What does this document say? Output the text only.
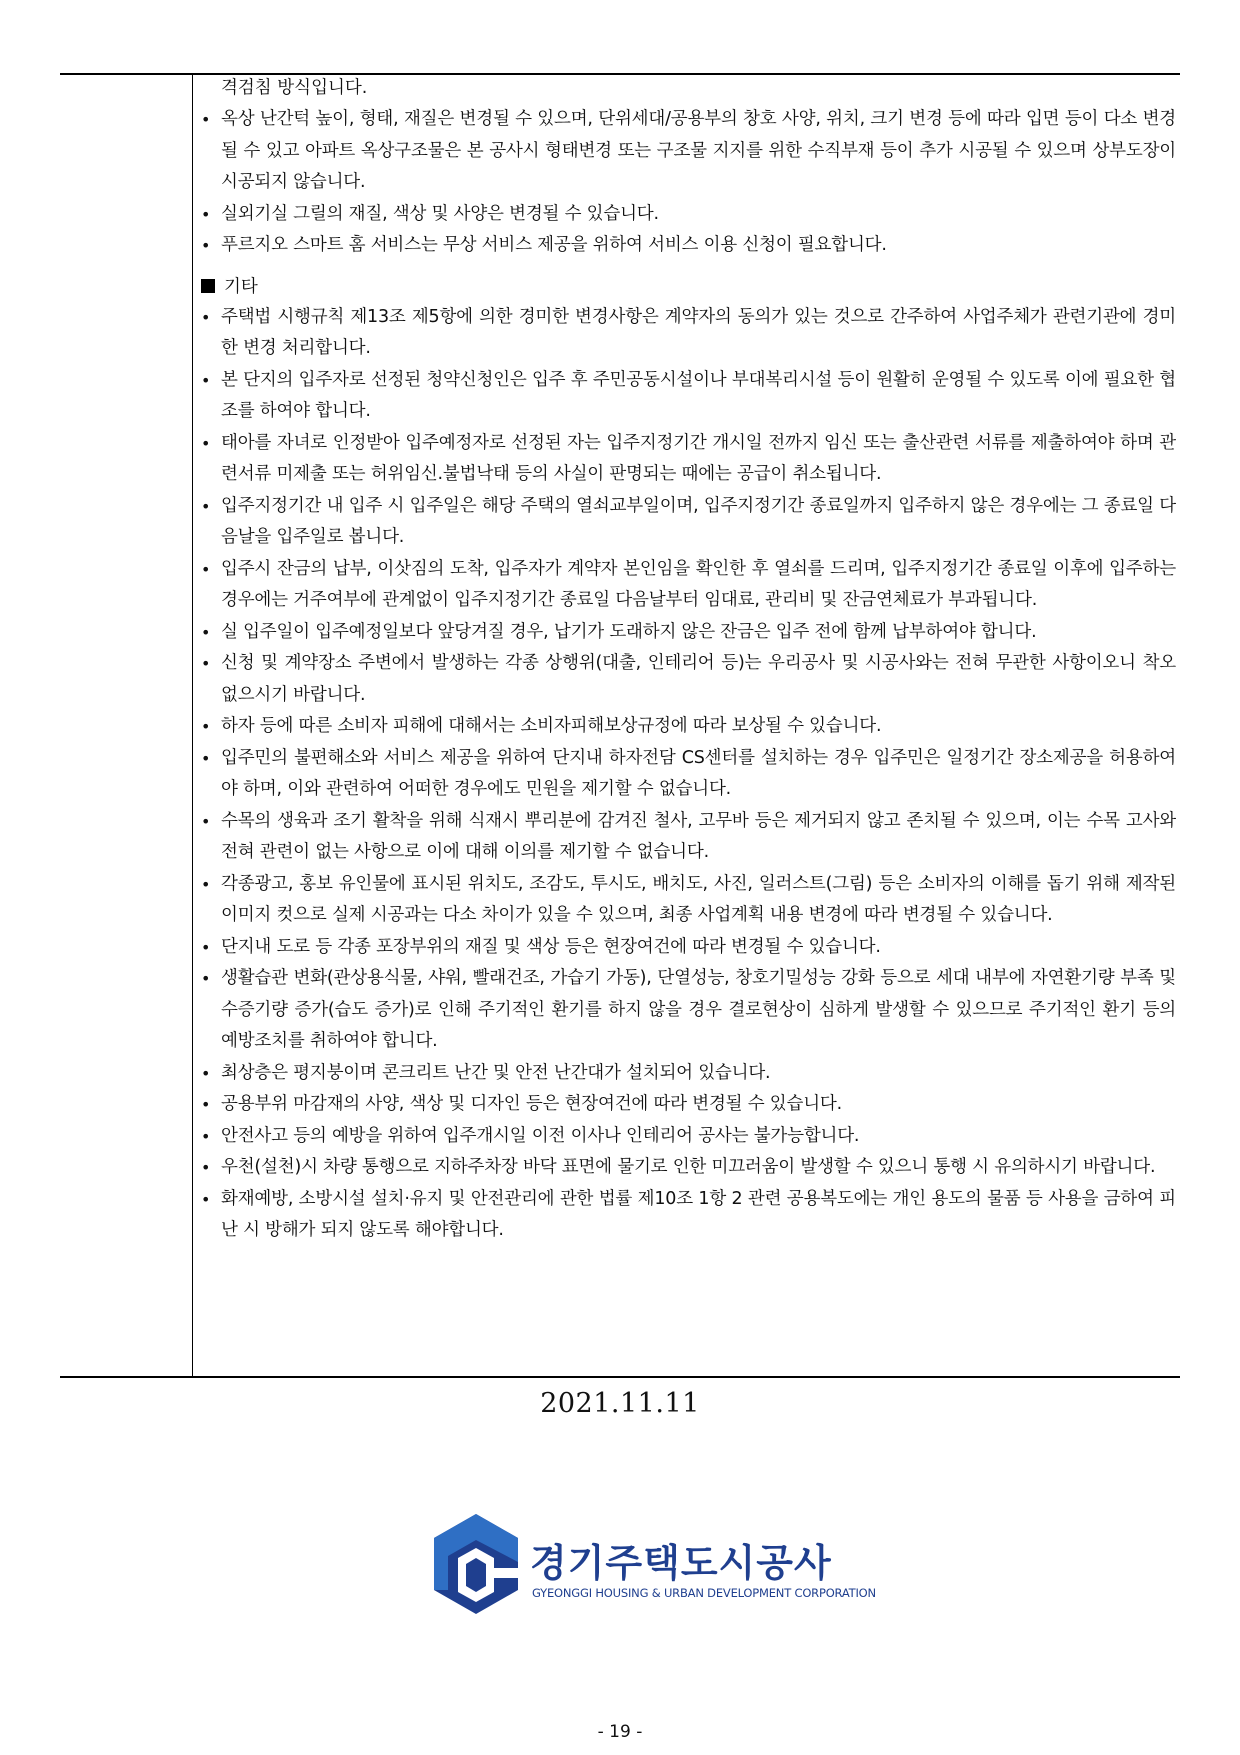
격검침 방식입니다.
• 옥상 난간턱 높이, 형태, 재질은 변경될 수 있으며, 단위세대/공용부의 창호 사양, 위치, 크기 변경 등에 따라 입면 등이 다소 변경될 수 있고 아파트 옥상구조물은 본 공사시 형태변경 또는 구조물 지지를 위한 수직부재 등이 추가 시공될 수 있으며 상부도장이 시공되지 않습니다.
• 실외기실 그릴의 재질, 색상 및 사양은 변경될 수 있습니다.
• 푸르지오 스마트 홈 서비스는 무상 서비스 제공을 위하여 서비스 이용 신청이 필요합니다.
기타
• 주택법 시행규칙 제13조 제5항에 의한 경미한 변경사항은 계약자의 동의가 있는 것으로 간주하여 사업주체가 관련기관에 경미한 변경 처리합니다.
• 본 단지의 입주자로 선정된 청약신청인은 입주 후 주민공동시설이나 부대복리시설 등이 원활히 운영될 수 있도록 이에 필요한 협조를 하여야 합니다.
• 태아를 자녀로 인정받아 입주예정자로 선정된 자는 입주지정기간 개시일 전까지 임신 또는 출산관련 서류를 제출하여야 하며 관련서류 미제출 또는 허위임신.불법낙태 등의 사실이 판명되는 때에는 공급이 취소됩니다.
• 입주지정기간 내 입주 시 입주일은 해당 주택의 열쇠교부일이며, 입주지정기간 종료일까지 입주하지 않은 경우에는 그 종료일 다음날을 입주일로 봅니다.
• 입주시 잔금의 납부, 이삿짐의 도착, 입주자가 계약자 본인임을 확인한 후 열쇠를 드리며, 입주지정기간 종료일 이후에 입주하는 경우에는 거주여부에 관계없이 입주지정기간 종료일 다음날부터 임대료, 관리비 및 잔금연체료가 부과됩니다.
• 실 입주일이 입주예정일보다 앞당겨질 경우, 납기가 도래하지 않은 잔금은 입주 전에 함께 납부하여야 합니다.
• 신청 및 계약장소 주변에서 발생하는 각종 상행위(대출, 인테리어 등)는 우리공사 및 시공사와는 전혀 무관한 사항이오니 착오 없으시기 바랍니다.
• 하자 등에 따른 소비자 피해에 대해서는 소비자피해보상규정에 따라 보상될 수 있습니다.
• 입주민의 불편해소와 서비스 제공을 위하여 단지내 하자전담 CS센터를 설치하는 경우 입주민은 일정기간 장소제공을 허용하여야 하며, 이와 관련하여 어떠한 경우에도 민원을 제기할 수 없습니다.
• 수목의 생육과 조기 활착을 위해 식재시 뿌리분에 감겨진 철사, 고무바 등은 제거되지 않고 존치될 수 있으며, 이는 수목 고사와 전혀 관련이 없는 사항으로 이에 대해 이의를 제기할 수 없습니다.
• 각종광고, 홍보 유인물에 표시된 위치도, 조감도, 투시도, 배치도, 사진, 일러스트(그림) 등은 소비자의 이해를 돕기 위해 제작된 이미지 컷으로 실제 시공과는 다소 차이가 있을 수 있으며, 최종 사업계획 내용 변경에 따라 변경될 수 있습니다.
• 단지내 도로 등 각종 포장부위의 재질 및 색상 등은 현장여건에 따라 변경될 수 있습니다.
• 생활습관 변화(관상용식물, 샤워, 빨래건조, 가습기 가동), 단열성능, 창호기밀성능 강화 등으로 세대 내부에 자연환기량 부족 및 수증기량 증가(습도 증가)로 인해 주기적인 환기를 하지 않을 경우 결로현상이 심하게 발생할 수 있으므로 주기적인 환기 등의 예방조치를 취하여야 합니다.
• 최상층은 평지붕이며 콘크리트 난간 및 안전 난간대가 설치되어 있습니다.
• 공용부위 마감재의 사양, 색상 및 디자인 등은 현장여건에 따라 변경될 수 있습니다.
• 안전사고 등의 예방을 위하여 입주개시일 이전 이사나 인테리어 공사는 불가능합니다.
• 우천(설천)시 차량 통행으로 지하주차장 바닥 표면에 물기로 인한 미끄러움이 발생할 수 있으니 통행 시 유의하시기 바랍니다.
• 화재예방, 소방시설 설치·유지 및 안전관리에 관한 법률 제10조 1항 2 관련 공용복도에는 개인 용도의 물품 등 사용을 금하여 피난 시 방해가 되지 않도록 해야합니다.
2021.11.11
경기주택도시공사
GYEONGGI HOUSING & URBAN DEVELOPMENT CORPORATION
- 19 -
